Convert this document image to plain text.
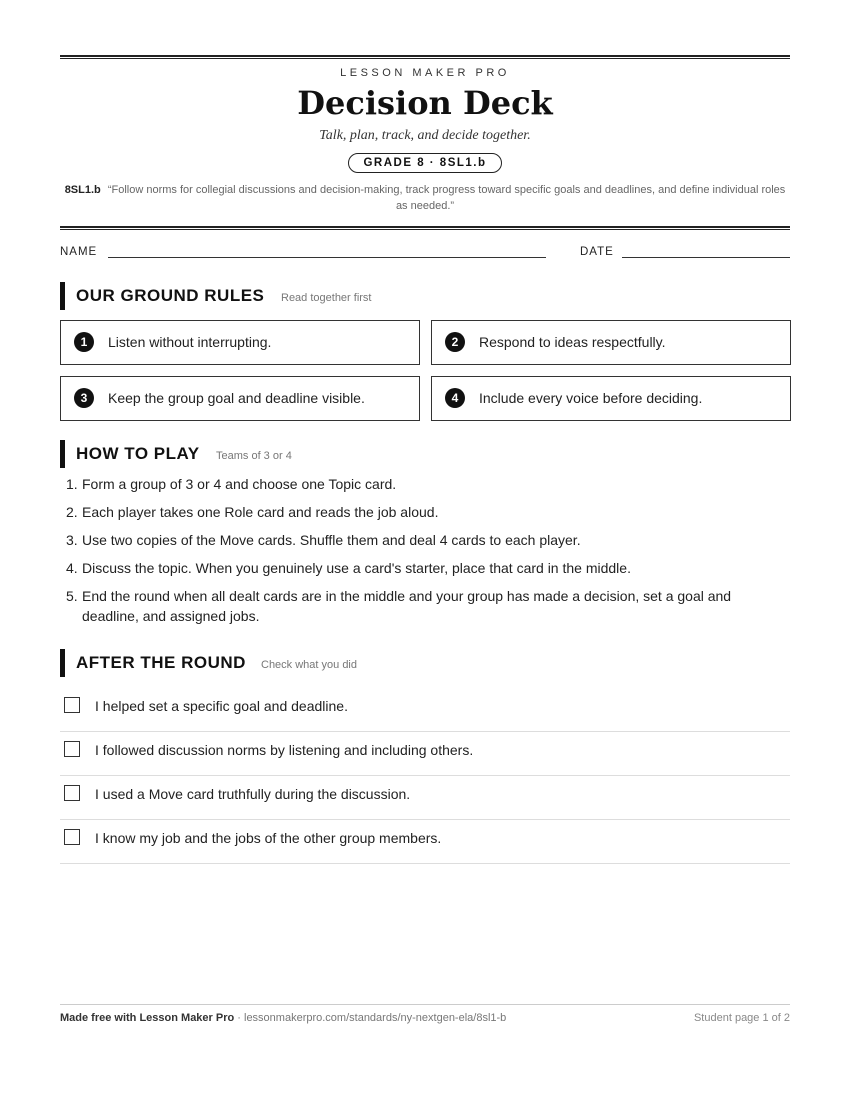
LESSON MAKER PRO
Decision Deck
Talk, plan, track, and decide together.
GRADE 8 · 8SL1.b
8SL1.b “Follow norms for collegial discussions and decision-making, track progress toward specific goals and deadlines, and define individual roles as needed.”
NAME	DATE
OUR GROUND RULES Read together first
1	Listen without interrupting.	2	Respond to ideas respectfully.
3	Keep the group goal and deadline visible.	4	Include every voice before deciding.
HOW TO PLAY Teams of 3 or 4
1. Form a group of 3 or 4 and choose one Topic card.
2. Each player takes one Role card and reads the job aloud.
3. Use two copies of the Move cards. Shuffle them and deal 4 cards to each player.
4. Discuss the topic. When you genuinely use a card's starter, place that card in the middle.
5. End the round when all dealt cards are in the middle and your group has made a decision, set a goal and deadline, and assigned jobs.
AFTER THE ROUND Check what you did
I helped set a specific goal and deadline.
I followed discussion norms by listening and including others.
I used a Move card truthfully during the discussion.
I know my job and the jobs of the other group members.
Made free with Lesson Maker Pro · lessonmakerpro.com/standards/ny-nextgen-ela/8sl1-b	Student page 1 of 2
